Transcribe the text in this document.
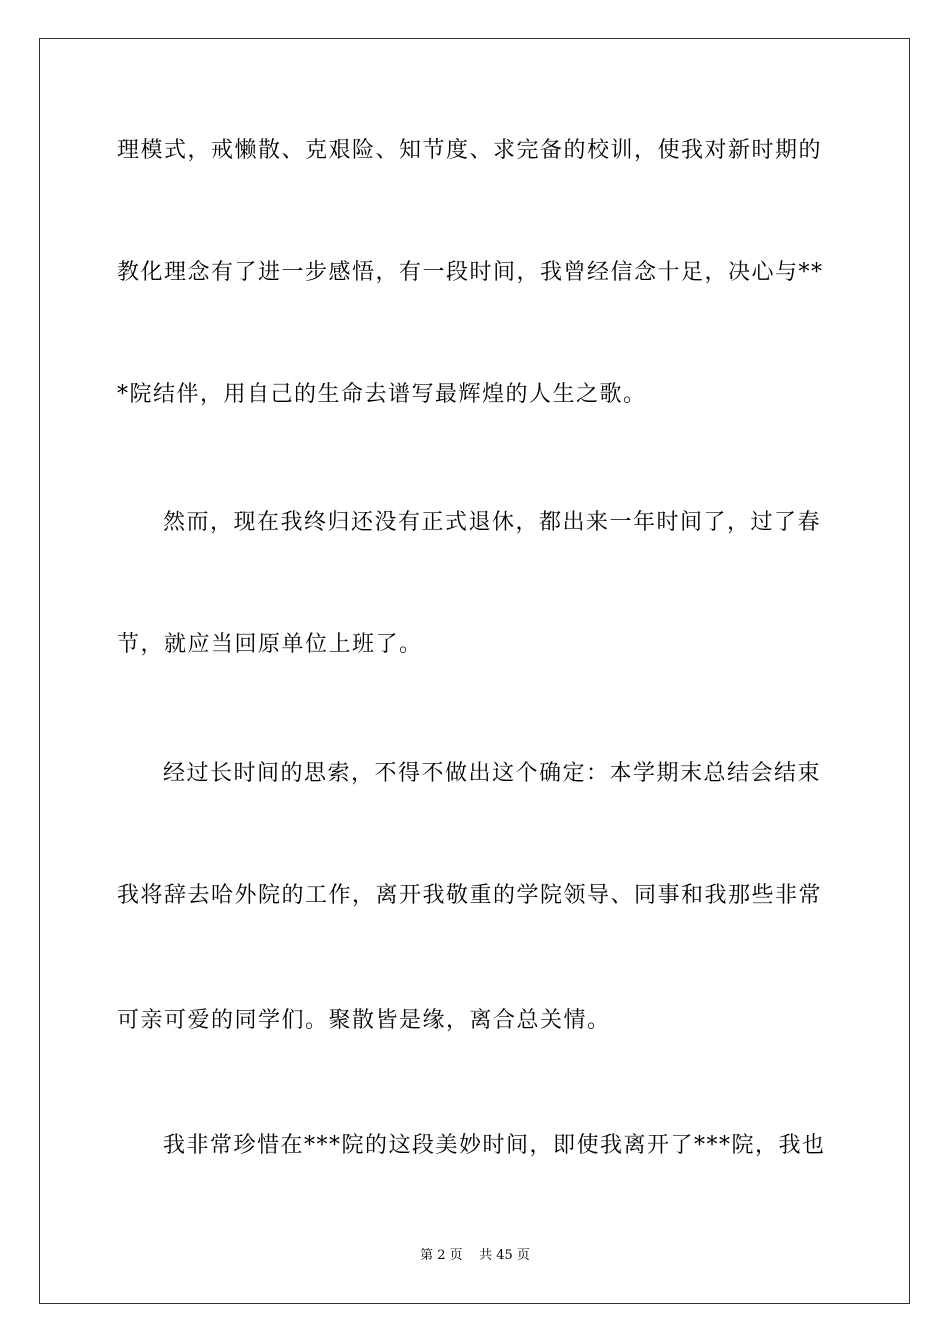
理模式，戒懒散、克艰险、知节度、求完备的校训，使我对新时期的
教化理念有了进一步感悟，有一段时间，我曾经信念十足，决心与**
*院结伴，用自己的生命去谱写最辉煌的人生之歌。
然而，现在我终归还没有正式退休，都出来一年时间了，过了春
节，就应当回原单位上班了。
经过长时间的思索，不得不做出这个确定：本学期末总结会结束
我将辞去哈外院的工作，离开我敬重的学院领导、同事和我那些非常
可亲可爱的同学们。聚散皆是缘，离合总关情。
我非常珍惜在***院的这段美妙时间，即使我离开了***院，我也
第 2 页    共 45 页
